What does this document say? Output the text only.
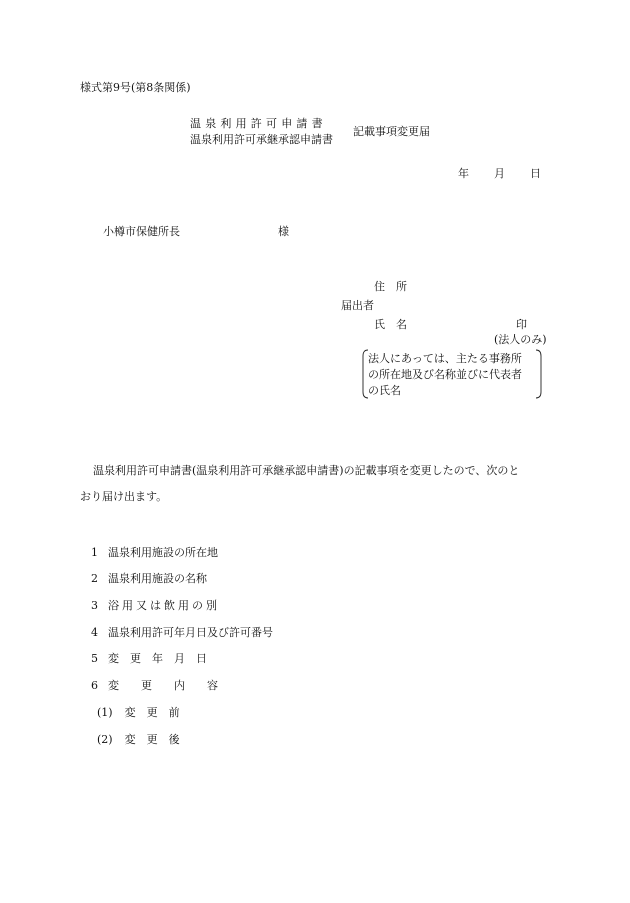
様式第9号(第8条関係)
温泉利用許可申請書
温泉利用許可承継承認申請書
記載事項変更届
年 月 日
小樽市保健所長	様
住　所
届出者
氏　名	印
(法人のみ)
法人にあっては、主たる事務所
の所在地及び名称並びに代表者
の氏名
温泉利用許可申請書(温泉利用許可承継承認申請書)の記載事項を変更したので、次のと
おり届け出ます。
1 温泉利用施設の所在地
2 温泉利用施設の名称
3 浴用又は飲用の別
4 温泉利用許可年月日及び許可番号
5 変　更　年　月　日
6 変　　更　　内　　容
(1) 変　更　前
(2) 変　更　後
